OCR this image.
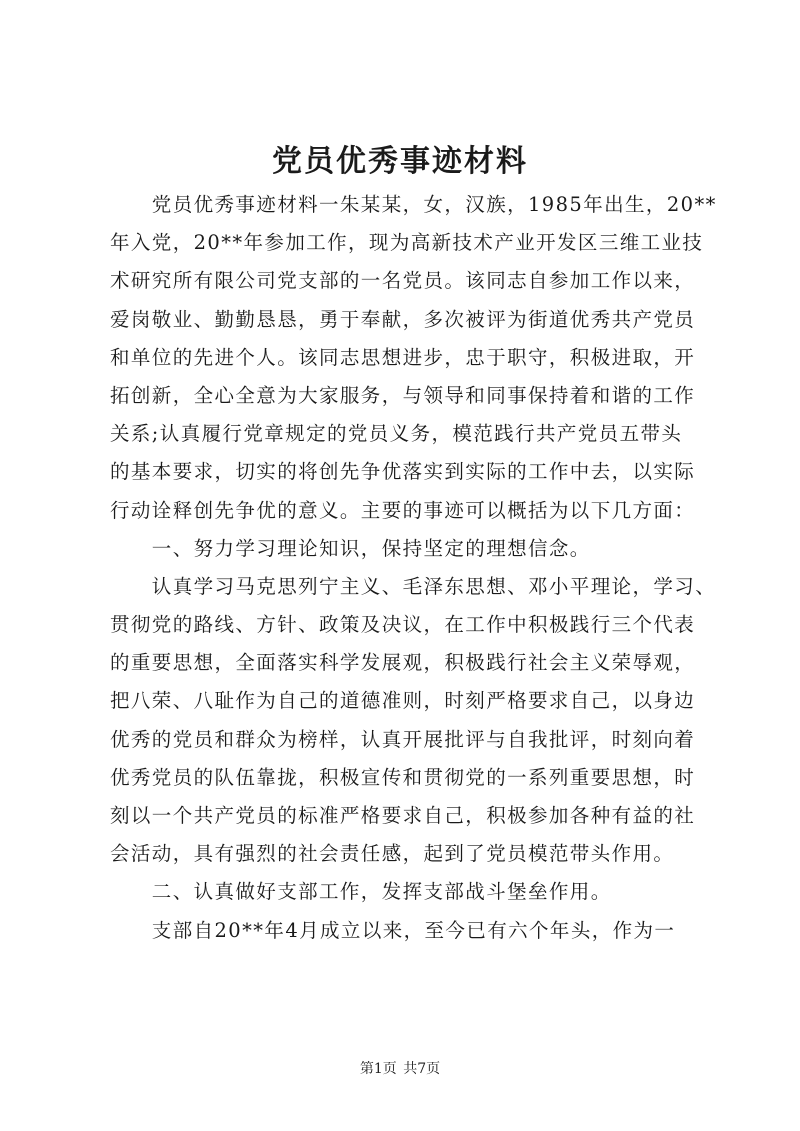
党员优秀事迹材料
　　党员优秀事迹材料一朱某某，女，汉族，1985年出生，20**
年入党，20**年参加工作，现为高新技术产业开发区三维工业技
术研究所有限公司党支部的一名党员。该同志自参加工作以来，
爱岗敬业、勤勤恳恳，勇于奉献，多次被评为街道优秀共产党员
和单位的先进个人。该同志思想进步，忠于职守，积极进取，开
拓创新，全心全意为大家服务，与领导和同事保持着和谐的工作
关系;认真履行党章规定的党员义务，模范践行共产党员五带头
的基本要求，切实的将创先争优落实到实际的工作中去，以实际
行动诠释创先争优的意义。主要的事迹可以概括为以下几方面：
　　一、努力学习理论知识，保持坚定的理想信念。
　　认真学习马克思列宁主义、毛泽东思想、邓小平理论，学习、
贯彻党的路线、方针、政策及决议，在工作中积极践行三个代表
的重要思想，全面落实科学发展观，积极践行社会主义荣辱观，
把八荣、八耻作为自己的道德准则，时刻严格要求自己，以身边
优秀的党员和群众为榜样，认真开展批评与自我批评，时刻向着
优秀党员的队伍靠拢，积极宣传和贯彻党的一系列重要思想，时
刻以一个共产党员的标准严格要求自己，积极参加各种有益的社
会活动，具有强烈的社会责任感，起到了党员模范带头作用。
　　二、认真做好支部工作，发挥支部战斗堡垒作用。
　　支部自20**年4月成立以来，至今已有六个年头，作为一
第1页 共7页
